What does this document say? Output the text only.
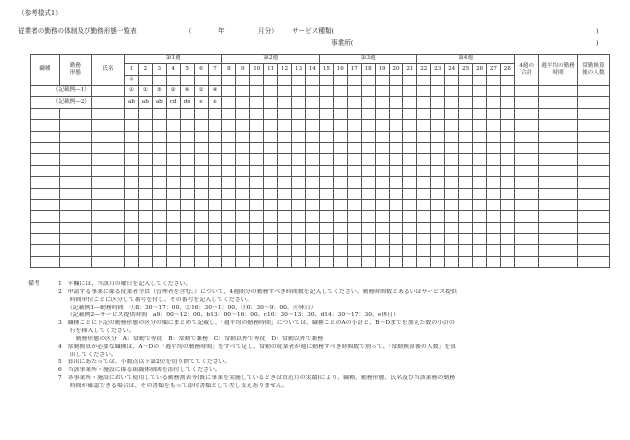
（参考様式1）
従業者の勤務の体制及び勤務形態一覧表	（	年	月分） サービス種類(	)
事業所(	)
職種	勤務形態	氏名	第1週							第2週							第3週							第4週							4週の合計	週平均の勤務時間	常勤換算後の人数
			1	2	3	4	5	6	7	8	9	10	11	12	13	14	15	16	17	18	19	20	21	22	23	24	25	26	27	28			
			＊																														
（記載例―1）			①	①	③	②	④	①	④																								
（記載例―2）			ab	ab	ab	cd	de	e	e																								

備考	1　＊欄には、当該月の曜日を記入してください。
2　申請する事業に係る従業者全員（管理者を含む。）について、4週間分の勤務すべき時間数を記入してください。勤務時間数とあるいはサービス提供
　　時間単位ごとに区分して番号を付し、その番号を記入してください。
　　（記載例1―勤務時間　①8：30～17：00、②16：30～1：00、③0：30～9：00、④休日）
　　（記載例2―サービス提供時間　a9：00～12：00、b13：00～16：00、c10：30～13：30、d14：30～17：30、e休日）
3　職種ごとに下記の勤務形態の区分の順にまとめて記載し、「週平均の勤務時間」については、職種ごとのAの小計と、B～Dまでを加えた数の小計の
　　行を挿入してください。
　　　勤務形態の区分　A：常勤で専従　B：常勤で兼務　C：常勤以外で専従　D：常勤以外で兼務
4　常勤換算が必要な職種は、A～Dの「週平均の勤務時間」をすべて足し、常勤の従業者が週に勤務すべき時間数で割って、「常勤換算後の人数」を算
　　出してください。
5　算出にあたっては、小数点以下第2位を切り捨ててください。
6　当該事業所・施設に係る組織体制図を添付してください。
7　各事業所・施設において使用している勤務割表等(既に事業を実施しているときは直近月の実績)により、職種、勤務形態、氏名及び当該業務の勤務
　　時間が確認できる場合は、その書類をもって添付書類として差し支えありません。
